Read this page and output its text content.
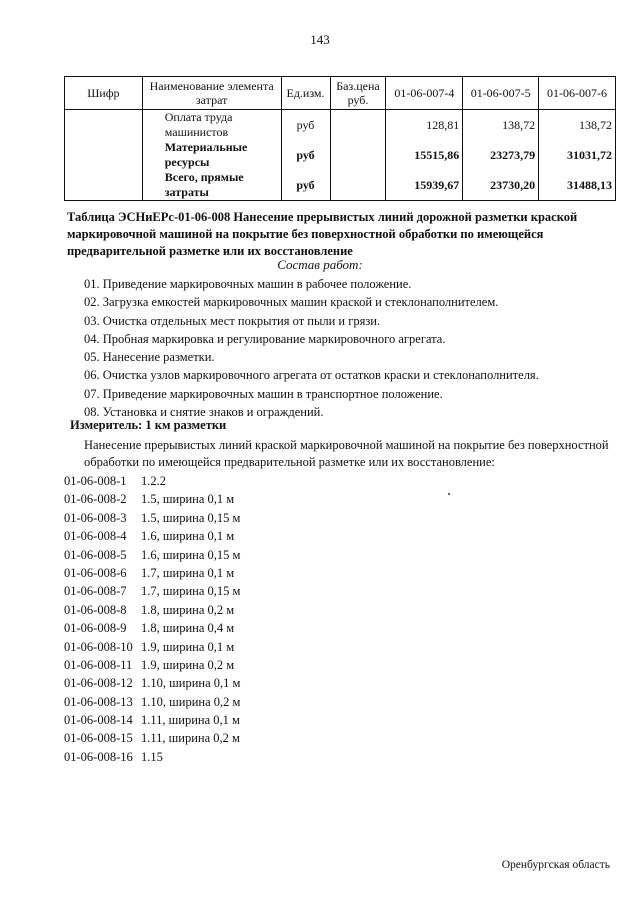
143
Шифр	Наименование элемента затрат	Ед.изм.	Баз.цена руб.	01-06-007-4	01-06-007-5	01-06-007-6
	Оплата труда машинистов	руб		128,81	138,72	138,72
	Материальные ресурсы	руб		15515,86	23273,79	31031,72
	Всего, прямые затраты	руб		15939,67	23730,20	31488,13
Таблица ЭСНиЕРс-01-06-008 Нанесение прерывистых линий дорожной разметки краской маркировочной машиной на покрытие без поверхностной обработки по имеющейся предварительной разметке или их восстановление
Состав работ:
01. Приведение маркировочных машин в рабочее положение.
02. Загрузка емкостей маркировочных машин краской и стеклонаполнителем.
03. Очистка отдельных мест покрытия от пыли и грязи.
04. Пробная маркировка и регулирование маркировочного агрегата.
05. Нанесение разметки.
06. Очистка узлов маркировочного агрегата от остатков краски и стеклонаполнителя.
07. Приведение маркировочных машин в транспортное положение.
08. Установка и снятие знаков и ограждений.
Измеритель: 1 км разметки
Нанесение прерывистых линий краской маркировочной машиной на покрытие без поверхностной обработки по имеющейся предварительной разметке или их восстановление:
01-06-008-1 1.2.2
01-06-008-2 1.5, ширина 0,1 м
01-06-008-3 1.5, ширина 0,15 м
01-06-008-4 1.6, ширина 0,1 м
01-06-008-5 1.6, ширина 0,15 м
01-06-008-6 1.7, ширина 0,1 м
01-06-008-7 1.7, ширина 0,15 м
01-06-008-8 1.8, ширина 0,2 м
01-06-008-9 1.8, ширина 0,4 м
01-06-008-10 1.9, ширина 0,1 м
01-06-008-11 1.9, ширина 0,2 м
01-06-008-12 1.10, ширина 0,1 м
01-06-008-13 1.10, ширина 0,2 м
01-06-008-14 1.11, ширина 0,1 м
01-06-008-15 1.11, ширина 0,2 м
01-06-008-16 1.15
Оренбургская область
